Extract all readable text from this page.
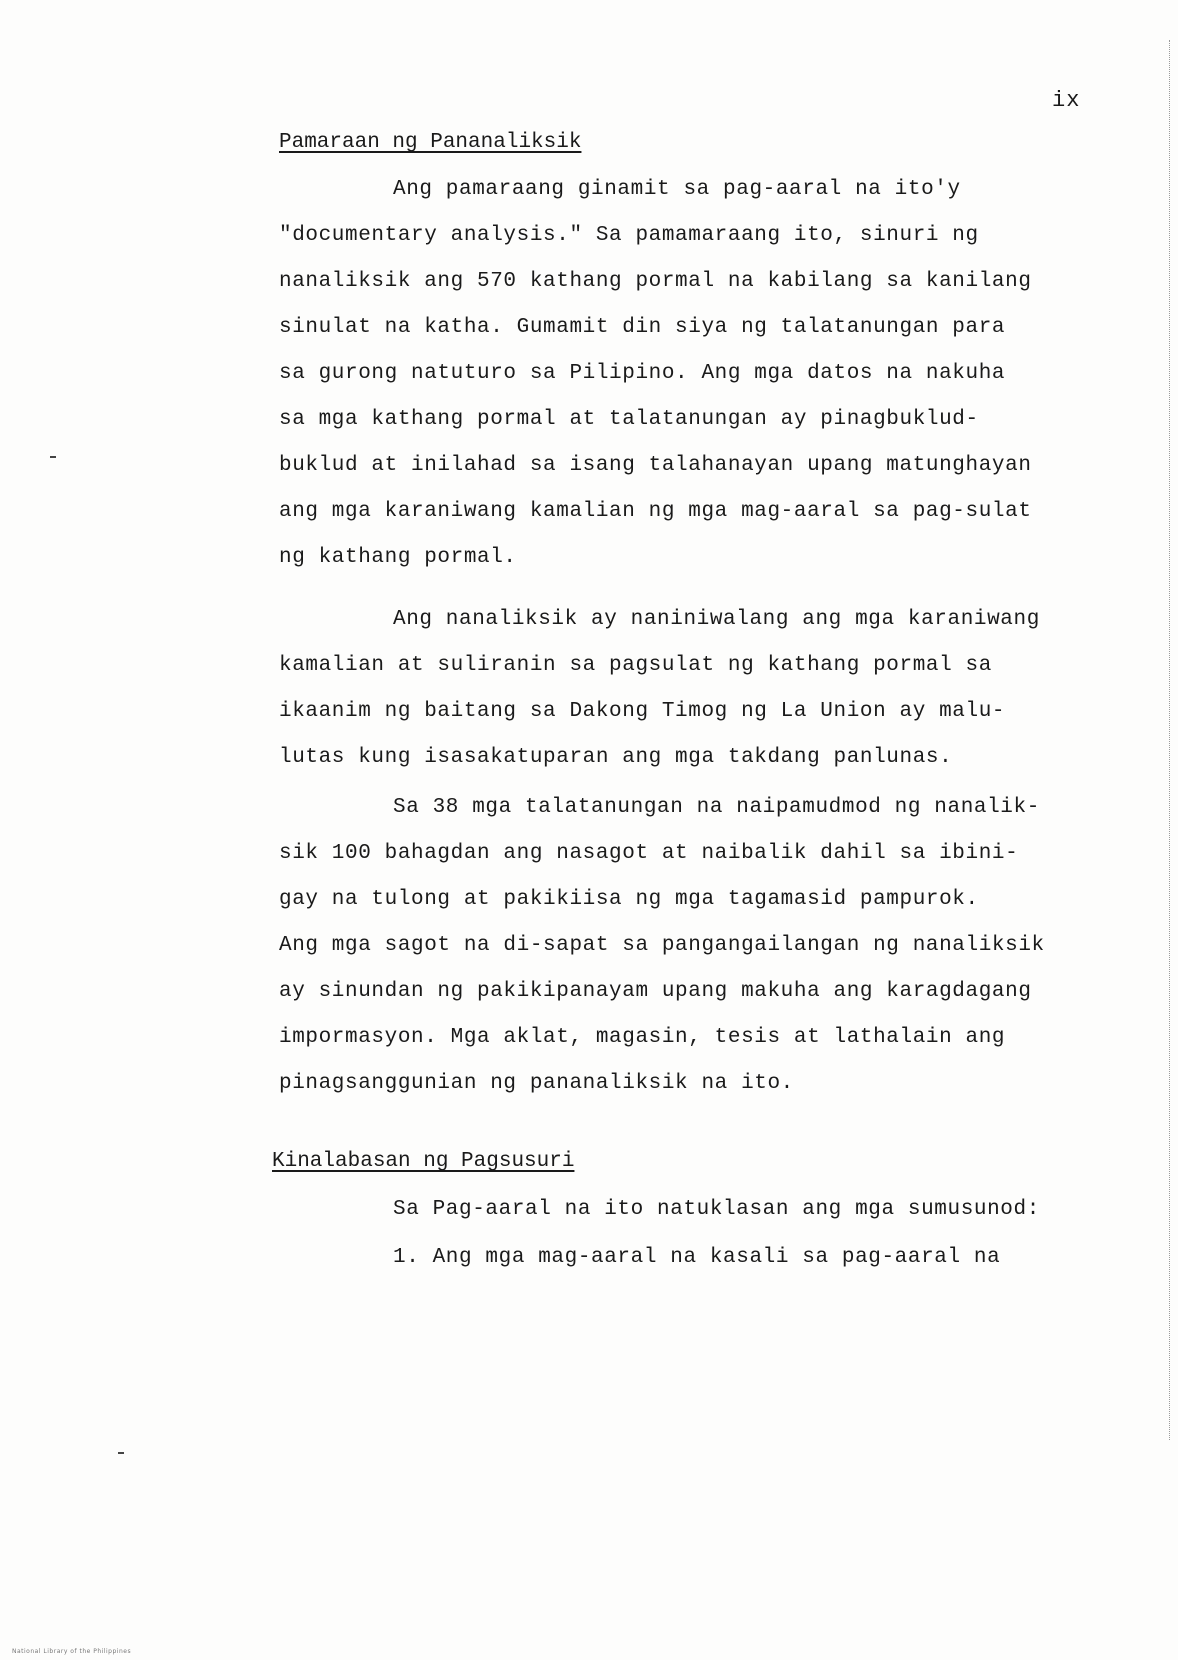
ix
Pamaraan ng Pananaliksik
Ang pamaraang ginamit sa pag-aaral na ito'y
"documentary analysis." Sa pamamaraang ito, sinuri ng
nanaliksik ang 570 kathang pormal na kabilang sa kanilang
sinulat na katha. Gumamit din siya ng talatanungan para
sa gurong natuturo sa Pilipino. Ang mga datos na nakuha
sa mga kathang pormal at talatanungan ay pinagbuklud-
buklud at inilahad sa isang talahanayan upang matunghayan
ang mga karaniwang kamalian ng mga mag-aaral sa pag-sulat
ng kathang pormal.
Ang nanaliksik ay naniniwalang ang mga karaniwang
kamalian at suliranin sa pagsulat ng kathang pormal sa
ikaanim ng baitang sa Dakong Timog ng La Union ay malu-
lutas kung isasakatuparan ang mga takdang panlunas.
Sa 38 mga talatanungan na naipamudmod ng nanalik-
sik 100 bahagdan ang nasagot at naibalik dahil sa ibini-
gay na tulong at pakikiisa ng mga tagamasid pampurok.
Ang mga sagot na di-sapat sa pangangailangan ng nanaliksik
ay sinundan ng pakikipanayam upang makuha ang karagdagang
impormasyon. Mga aklat, magasin, tesis at lathalain ang
pinagsanggunian ng pananaliksik na ito.
Kinalabasan ng Pagsusuri
Sa Pag-aaral na ito natuklasan ang mga sumusunod:
1. Ang mga mag-aaral na kasali sa pag-aaral na
National Library of the Philippines
